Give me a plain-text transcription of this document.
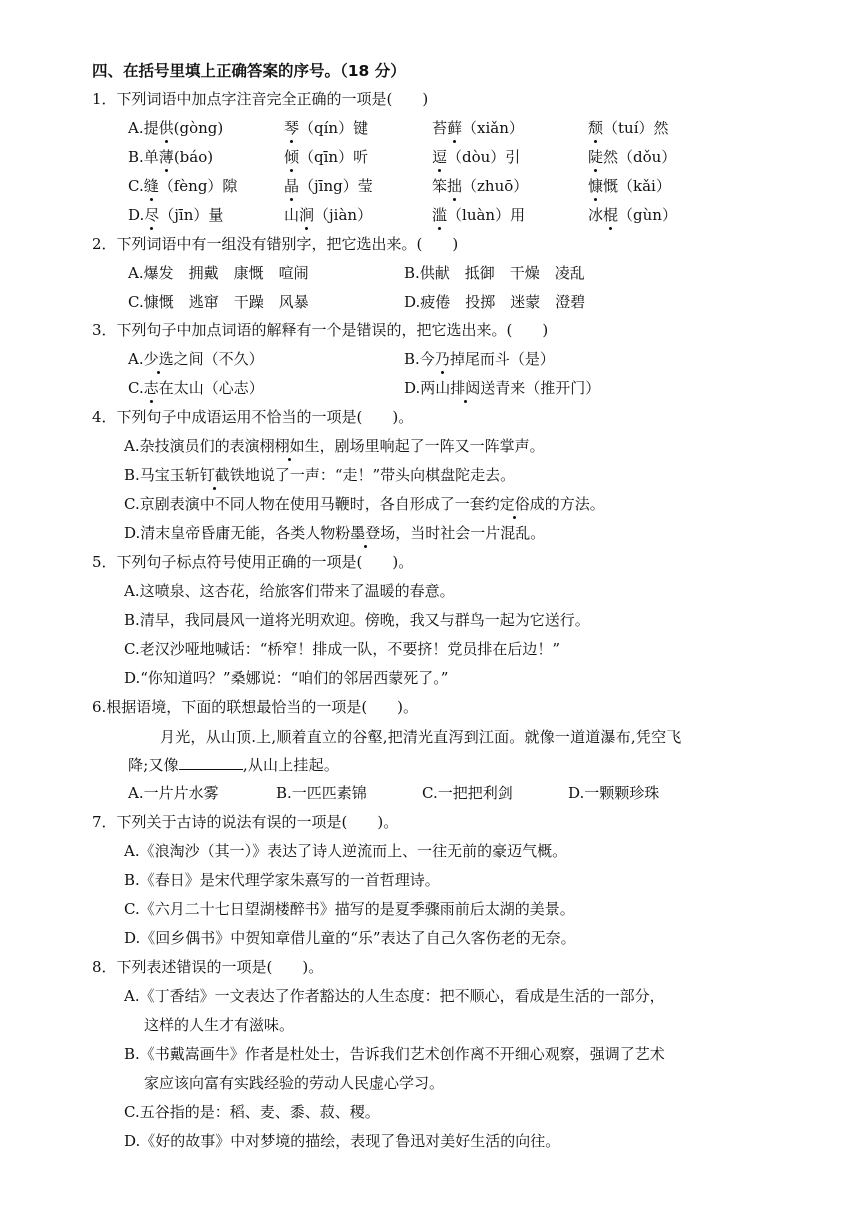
四、在括号里填上正确答案的序号。（18 分）
1．下列词语中加点字注音完全正确的一项是(　　)
A.提供(gòng)	琴（qín）键	苔藓（xiǎn）	颓（tuí）然
B.单薄(báo)	倾（qīn）听	逗（dòu）引	陡然（dǒu）
C.缝（fèng）隙	晶（jīng）莹	笨拙（zhuō）	慷慨（kǎi）
D.尽（jīn）量	山涧（jiàn）	滥（luàn）用	冰棍（gùn）
2．下列词语中有一组没有错别字，把它选出来。(　　)
A.爆发　拥戴　康慨　喧闹	B.供献　抵御　干燥　凌乱
C.慷慨　逃窜　干躁　风暴	D.疲倦　投掷　迷蒙　澄碧
3．下列句子中加点词语的解释有一个是错误的，把它选出来。(　　)
A.少选之间（不久）	B.今乃掉尾而斗（是）
C.志在太山（心志）	D.两山排闼送青来（推开门）
4．下列句子中成语运用不恰当的一项是(　　)。
A.杂技演员们的表演栩栩如生，剧场里响起了一阵又一阵掌声。
B.马宝玉斩钉截铁地说了一声：“走！”带头向棋盘陀走去。
C.京剧表演中不同人物在使用马鞭时，各自形成了一套约定俗成的方法。
D.清末皇帝昏庸无能，各类人物粉墨登场，当时社会一片混乱。
5．下列句子标点符号使用正确的一项是(　　)。
A.这喷泉、这杏花，给旅客们带来了温暖的春意。
B.清早，我同晨风一道将光明欢迎。傍晚，我又与群鸟一起为它送行。
C.老汉沙哑地喊话：“桥窄！排成一队，不要挤！党员排在后边！”
D.“你知道吗？”桑娜说：“咱们的邻居西蒙死了。”
6.根据语境，下面的联想最恰当的一项是(　　)。
月光，从山顶.上,顺着直立的谷壑,把清光直泻到江面。就像一道道瀑布,凭空飞
降;又像	,从山上挂起。
A.一片片水雾	B.一匹匹素锦	C.一把把利剑	D.一颗颗珍珠
7．下列关于古诗的说法有误的一项是(　　)。
A.《浪淘沙（其一）》表达了诗人逆流而上、一往无前的豪迈气概。
B.《春日》是宋代理学家朱熹写的一首哲理诗。
C.《六月二十七日望湖楼醉书》描写的是夏季骤雨前后太湖的美景。
D.《回乡偶书》中贺知章借儿童的“乐”表达了自己久客伤老的无奈。
8．下列表述错误的一项是(　　)。
A.《丁香结》一文表达了作者豁达的人生态度：把不顺心，看成是生活的一部分，
这样的人生才有滋味。
B.《书戴嵩画牛》作者是杜处士，告诉我们艺术创作离不开细心观察，强调了艺术
家应该向富有实践经验的劳动人民虚心学习。
C.五谷指的是：稻、麦、黍、菽、稷。
D.《好的故事》中对梦境的描绘，表现了鲁迅对美好生活的向往。
